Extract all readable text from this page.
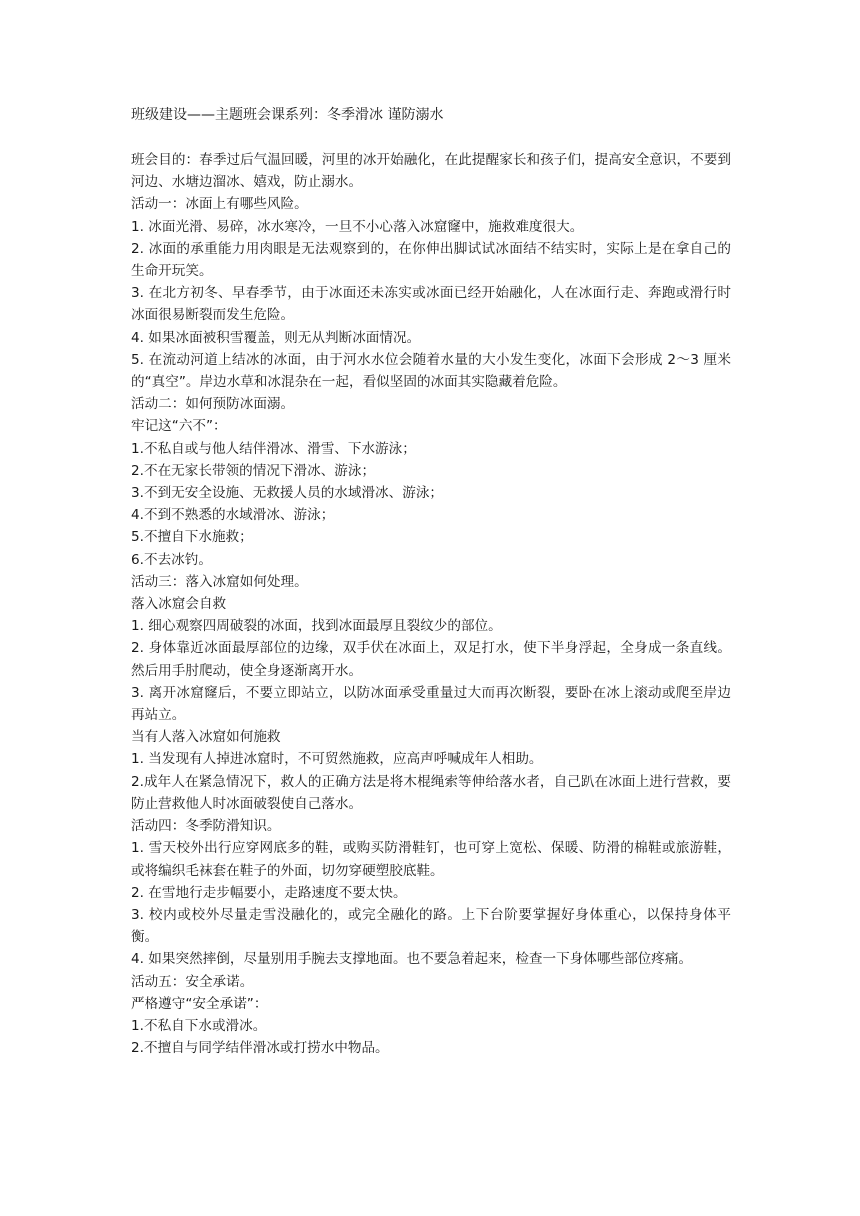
班级建设——主题班会课系列：冬季滑冰 谨防溺水

班会目的：春季过后气温回暖，河里的冰开始融化，在此提醒家长和孩子们，提高安全意识，不要到河边、水塘边溜冰、嬉戏，防止溺水。

活动一：冰面上有哪些风险。

1. 冰面光滑、易碎，冰水寒冷，一旦不小心落入冰窟窿中，施救难度很大。

2. 冰面的承重能力用肉眼是无法观察到的，在你伸出脚试试冰面结不结实时，实际上是在拿自己的生命开玩笑。

3. 在北方初冬、早春季节，由于冰面还未冻实或冰面已经开始融化，人在冰面行走、奔跑或滑行时冰面很易断裂而发生危险。

4. 如果冰面被积雪覆盖，则无从判断冰面情况。

5. 在流动河道上结冰的冰面，由于河水水位会随着水量的大小发生变化，冰面下会形成 2～3 厘米的“真空”。岸边水草和冰混杂在一起，看似坚固的冰面其实隐藏着危险。

活动二：如何预防冰面溺。

牢记这“六不”：

1.不私自或与他人结伴滑冰、滑雪、下水游泳；

2.不在无家长带领的情况下滑冰、游泳；

3.不到无安全设施、无救援人员的水域滑冰、游泳；

4.不到不熟悉的水域滑冰、游泳；

5.不擅自下水施救；

6.不去冰钓。

活动三：落入冰窟如何处理。

落入冰窟会自救

1. 细心观察四周破裂的冰面，找到冰面最厚且裂纹少的部位。

2. 身体靠近冰面最厚部位的边缘，双手伏在冰面上，双足打水，使下半身浮起，全身成一条直线。然后用手肘爬动，使全身逐渐离开水。

3. 离开冰窟窿后，不要立即站立，以防冰面承受重量过大而再次断裂，要卧在冰上滚动或爬至岸边再站立。

当有人落入冰窟如何施救

1. 当发现有人掉进冰窟时，不可贸然施救，应高声呼喊成年人相助。

2.成年人在紧急情况下，救人的正确方法是将木棍绳索等伸给落水者，自己趴在冰面上进行营救，要防止营救他人时冰面破裂使自己落水。

活动四：冬季防滑知识。

1. 雪天校外出行应穿网底多的鞋，或购买防滑鞋钉，也可穿上宽松、保暖、防滑的棉鞋或旅游鞋，或将编织毛袜套在鞋子的外面，切勿穿硬塑胶底鞋。

2. 在雪地行走步幅要小，走路速度不要太快。

3. 校内或校外尽量走雪没融化的，或完全融化的路。上下台阶要掌握好身体重心，以保持身体平衡。

4. 如果突然摔倒，尽量别用手腕去支撑地面。也不要急着起来，检查一下身体哪些部位疼痛。

活动五：安全承诺。

严格遵守“安全承诺”：

1.不私自下水或滑冰。

2.不擅自与同学结伴滑冰或打捞水中物品。
